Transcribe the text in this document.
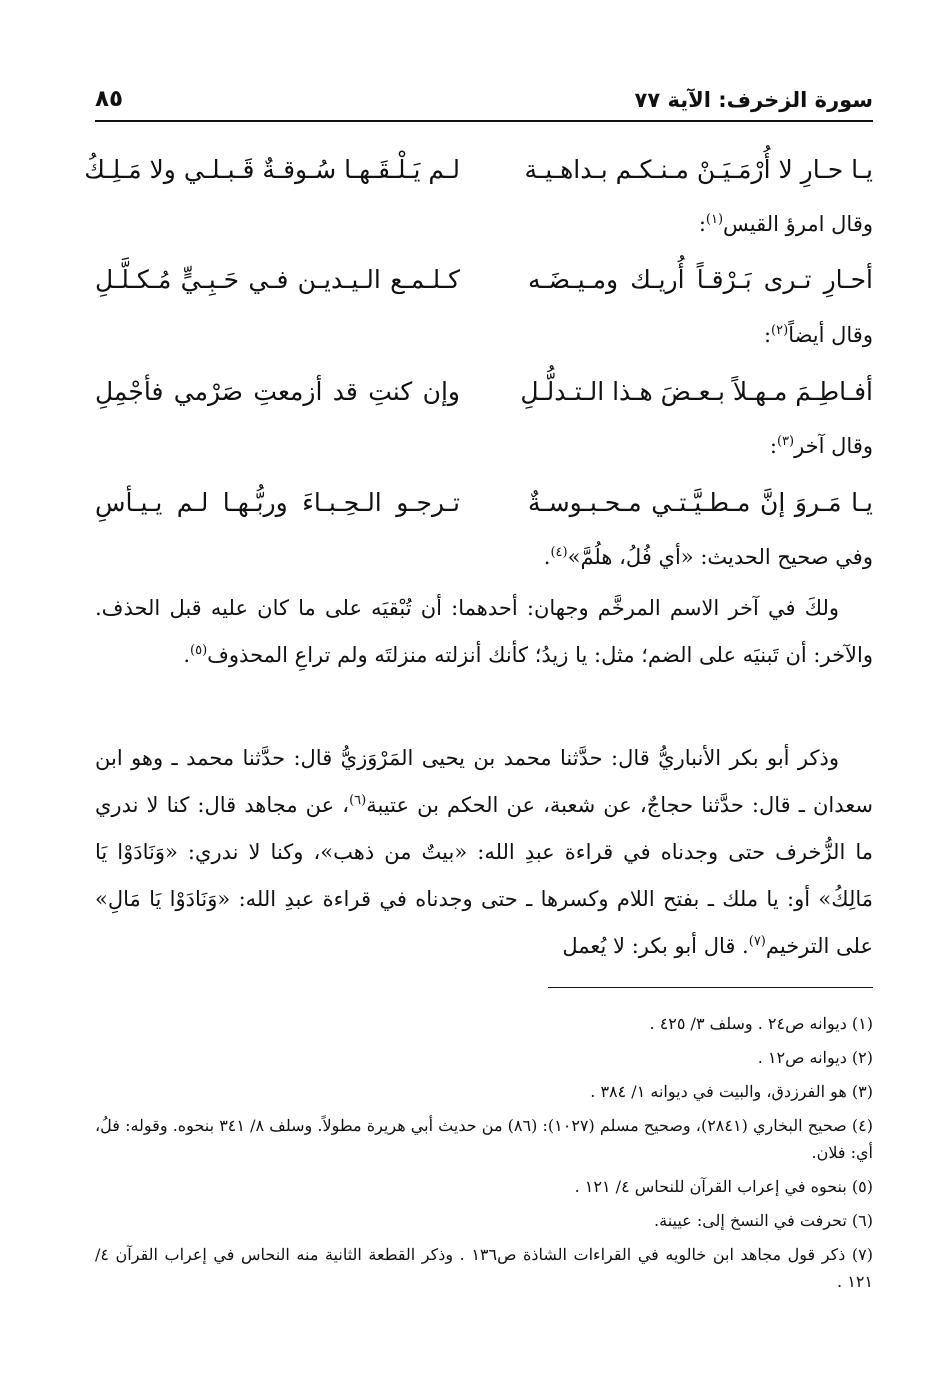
سورة الزخرف: الآية ٧٧
٨٥
يـا حـارِ لا أُرْمَـيَـنْ مـنـكـم بـداهـيـة
لـم يَـلْـقَـهـا سُـوقـةٌ قَـبـلـي ولا مَـلِـكُ
وقال امرؤ القيس$^{(١)}$:
أحـارِ تـرى بَـرْقـاً أُريـك ومـيـضَـه
كـلـمـع الـيـديـن فـي حَـبِـيٍّ مُـكـلَّـلِ
وقال أيضاً$^{(٢)}$:
أفـاطِـمَ مـهـلاً بـعـضَ هـذا الـتـدلُّـلِ
وإن كنتِ قد أزمعتِ صَرْمي فأجْمِلِ
وقال آخر$^{(٣)}$:
يـا مَـروَ إنَّ مـطـيَّـتـي مـحـبـوسـةٌ
تـرجـو الـحِـبـاءَ وربُّـهـا لـم يـيـأسِ
وفي صحيح الحديث: «أي فُلُ، هلُمَّ»$^{(٤)}$.

ولكَ في آخر الاسم المرخَّم وجهان: أحدهما: أن تُبْقيَه على ما كان عليه قبل الحذف. والآخر: أن تَبنيَه على الضم؛ مثل: يا زيدُ؛ كأنك أنزلته منزلتَه ولم تراعِ المحذوف$^{(٥)}$.

وذكر أبو بكر الأنباريُّ قال: حدَّثنا محمد بن يحيى المَرْوَزيُّ قال: حدَّثنا محمد ـ وهو ابن سعدان ـ قال: حدَّثنا حجاجٌ، عن شعبة، عن الحكم بن عتيبة$^{(٦)}$، عن مجاهد قال: كنا لا ندري ما الزُّخرف حتى وجدناه في قراءة عبدِ الله: «بيتٌ من ذهب»، وكنا لا ندري: «وَنَادَوْا يَا مَالِكُ» أو: يا ملك ـ بفتح اللام وكسرها ـ حتى وجدناه في قراءة عبدِ الله: «وَنَادَوْا يَا مَالِ» على الترخيم$^{(٧)}$. قال أبو بكر: لا يُعمل

(١) ديوانه ص٢٤ . وسلف ٣/ ٤٢٥ .

(٢) ديوانه ص١٢ .

(٣) هو الفرزدق، والبيت في ديوانه ١/ ٣٨٤ .

(٤) صحيح البخاري (٢٨٤١)، وصحيح مسلم (١٠٢٧): (٨٦) من حديث أبي هريرة مطولاً. وسلف ٨/ ٣٤١ بنحوه. وقوله: فلُ، أي: فلان.

(٥) بنحوه في إعراب القرآن للنحاس ٤/ ١٢١ .

(٦) تحرفت في النسخ إلى: عيينة.

(٧) ذكر قول مجاهد ابن خالويه في القراءات الشاذة ص١٣٦ . وذكر القطعة الثانية منه النحاس في إعراب القرآن ٤/ ١٢١ .
